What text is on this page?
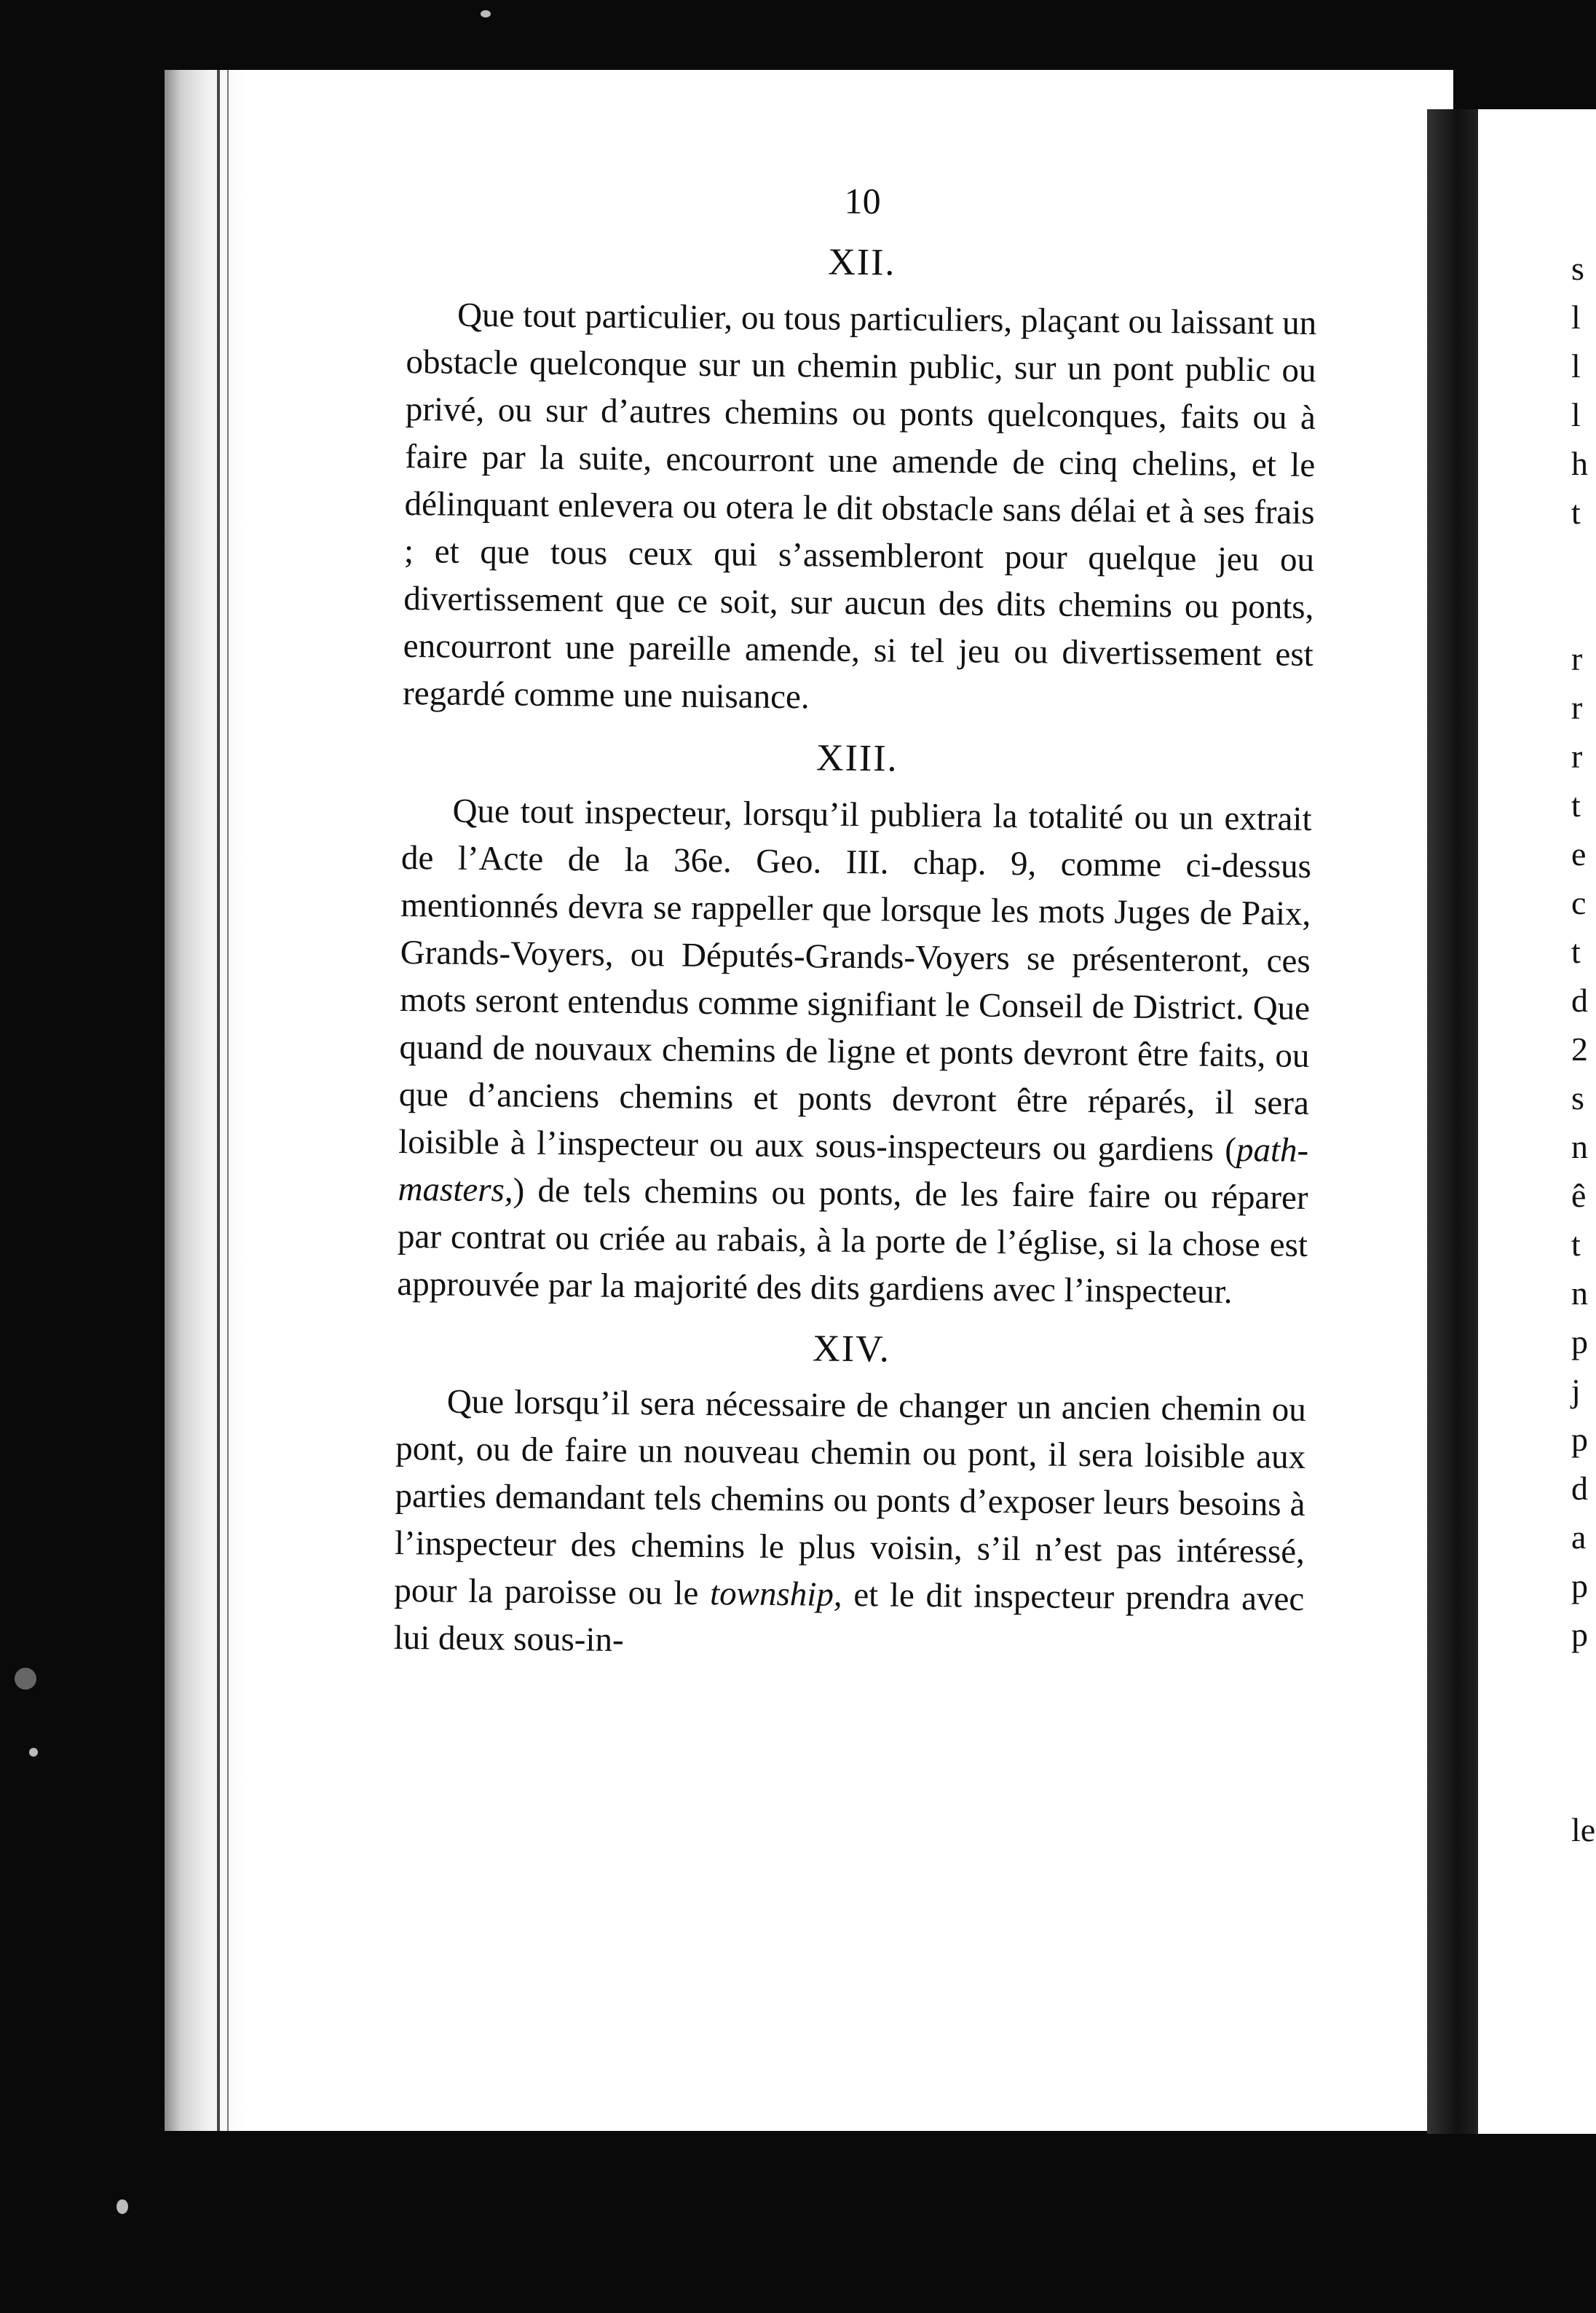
s
l
l
l
h
t
r
r
r
t
e
c
t
d
2
s
n
ê
t
n
p
j
p
d
a
p
p
le
10
XII.

Que tout particulier, ou tous particuliers, plaçant ou laissant un obstacle quelconque sur un chemin public, sur un pont public ou privé, ou sur d’autres chemins ou ponts quelconques, faits ou à faire par la suite, encourront une amende de cinq chelins, et le délinquant enlevera ou otera le dit obstacle sans délai et à ses frais ; et que tous ceux qui s’assembleront pour quelque jeu ou divertissement que ce soit, sur aucun des dits chemins ou ponts, encourront une pareille amende, si tel jeu ou divertissement est regardé comme une nuisance.

XIII.

Que tout inspecteur, lorsqu’il publiera la totalité ou un extrait de l’Acte de la 36e. Geo. III. chap. 9, comme ci-dessus mentionnés devra se rappeller que lorsque les mots Juges de Paix, Grands-Voyers, ou Députés-Grands-Voyers se présenteront, ces mots seront entendus comme signifiant le Conseil de District. Que quand de nouvaux chemins de ligne et ponts devront être faits, ou que d’anciens chemins et ponts devront être réparés, il sera loisible à l’inspecteur ou aux sous-inspecteurs ou gardiens (path-masters,) de tels chemins ou ponts, de les faire faire ou réparer par contrat ou criée au rabais, à la porte de l’église, si la chose est approuvée par la majorité des dits gardiens avec l’inspecteur.

XIV.

Que lorsqu’il sera nécessaire de changer un ancien chemin ou pont, ou de faire un nouveau chemin ou pont, il sera loisible aux parties demandant tels chemins ou ponts d’exposer leurs besoins à l’inspecteur des chemins le plus voisin, s’il n’est pas intéressé, pour la paroisse ou le township, et le dit inspecteur prendra avec lui deux sous-in-
